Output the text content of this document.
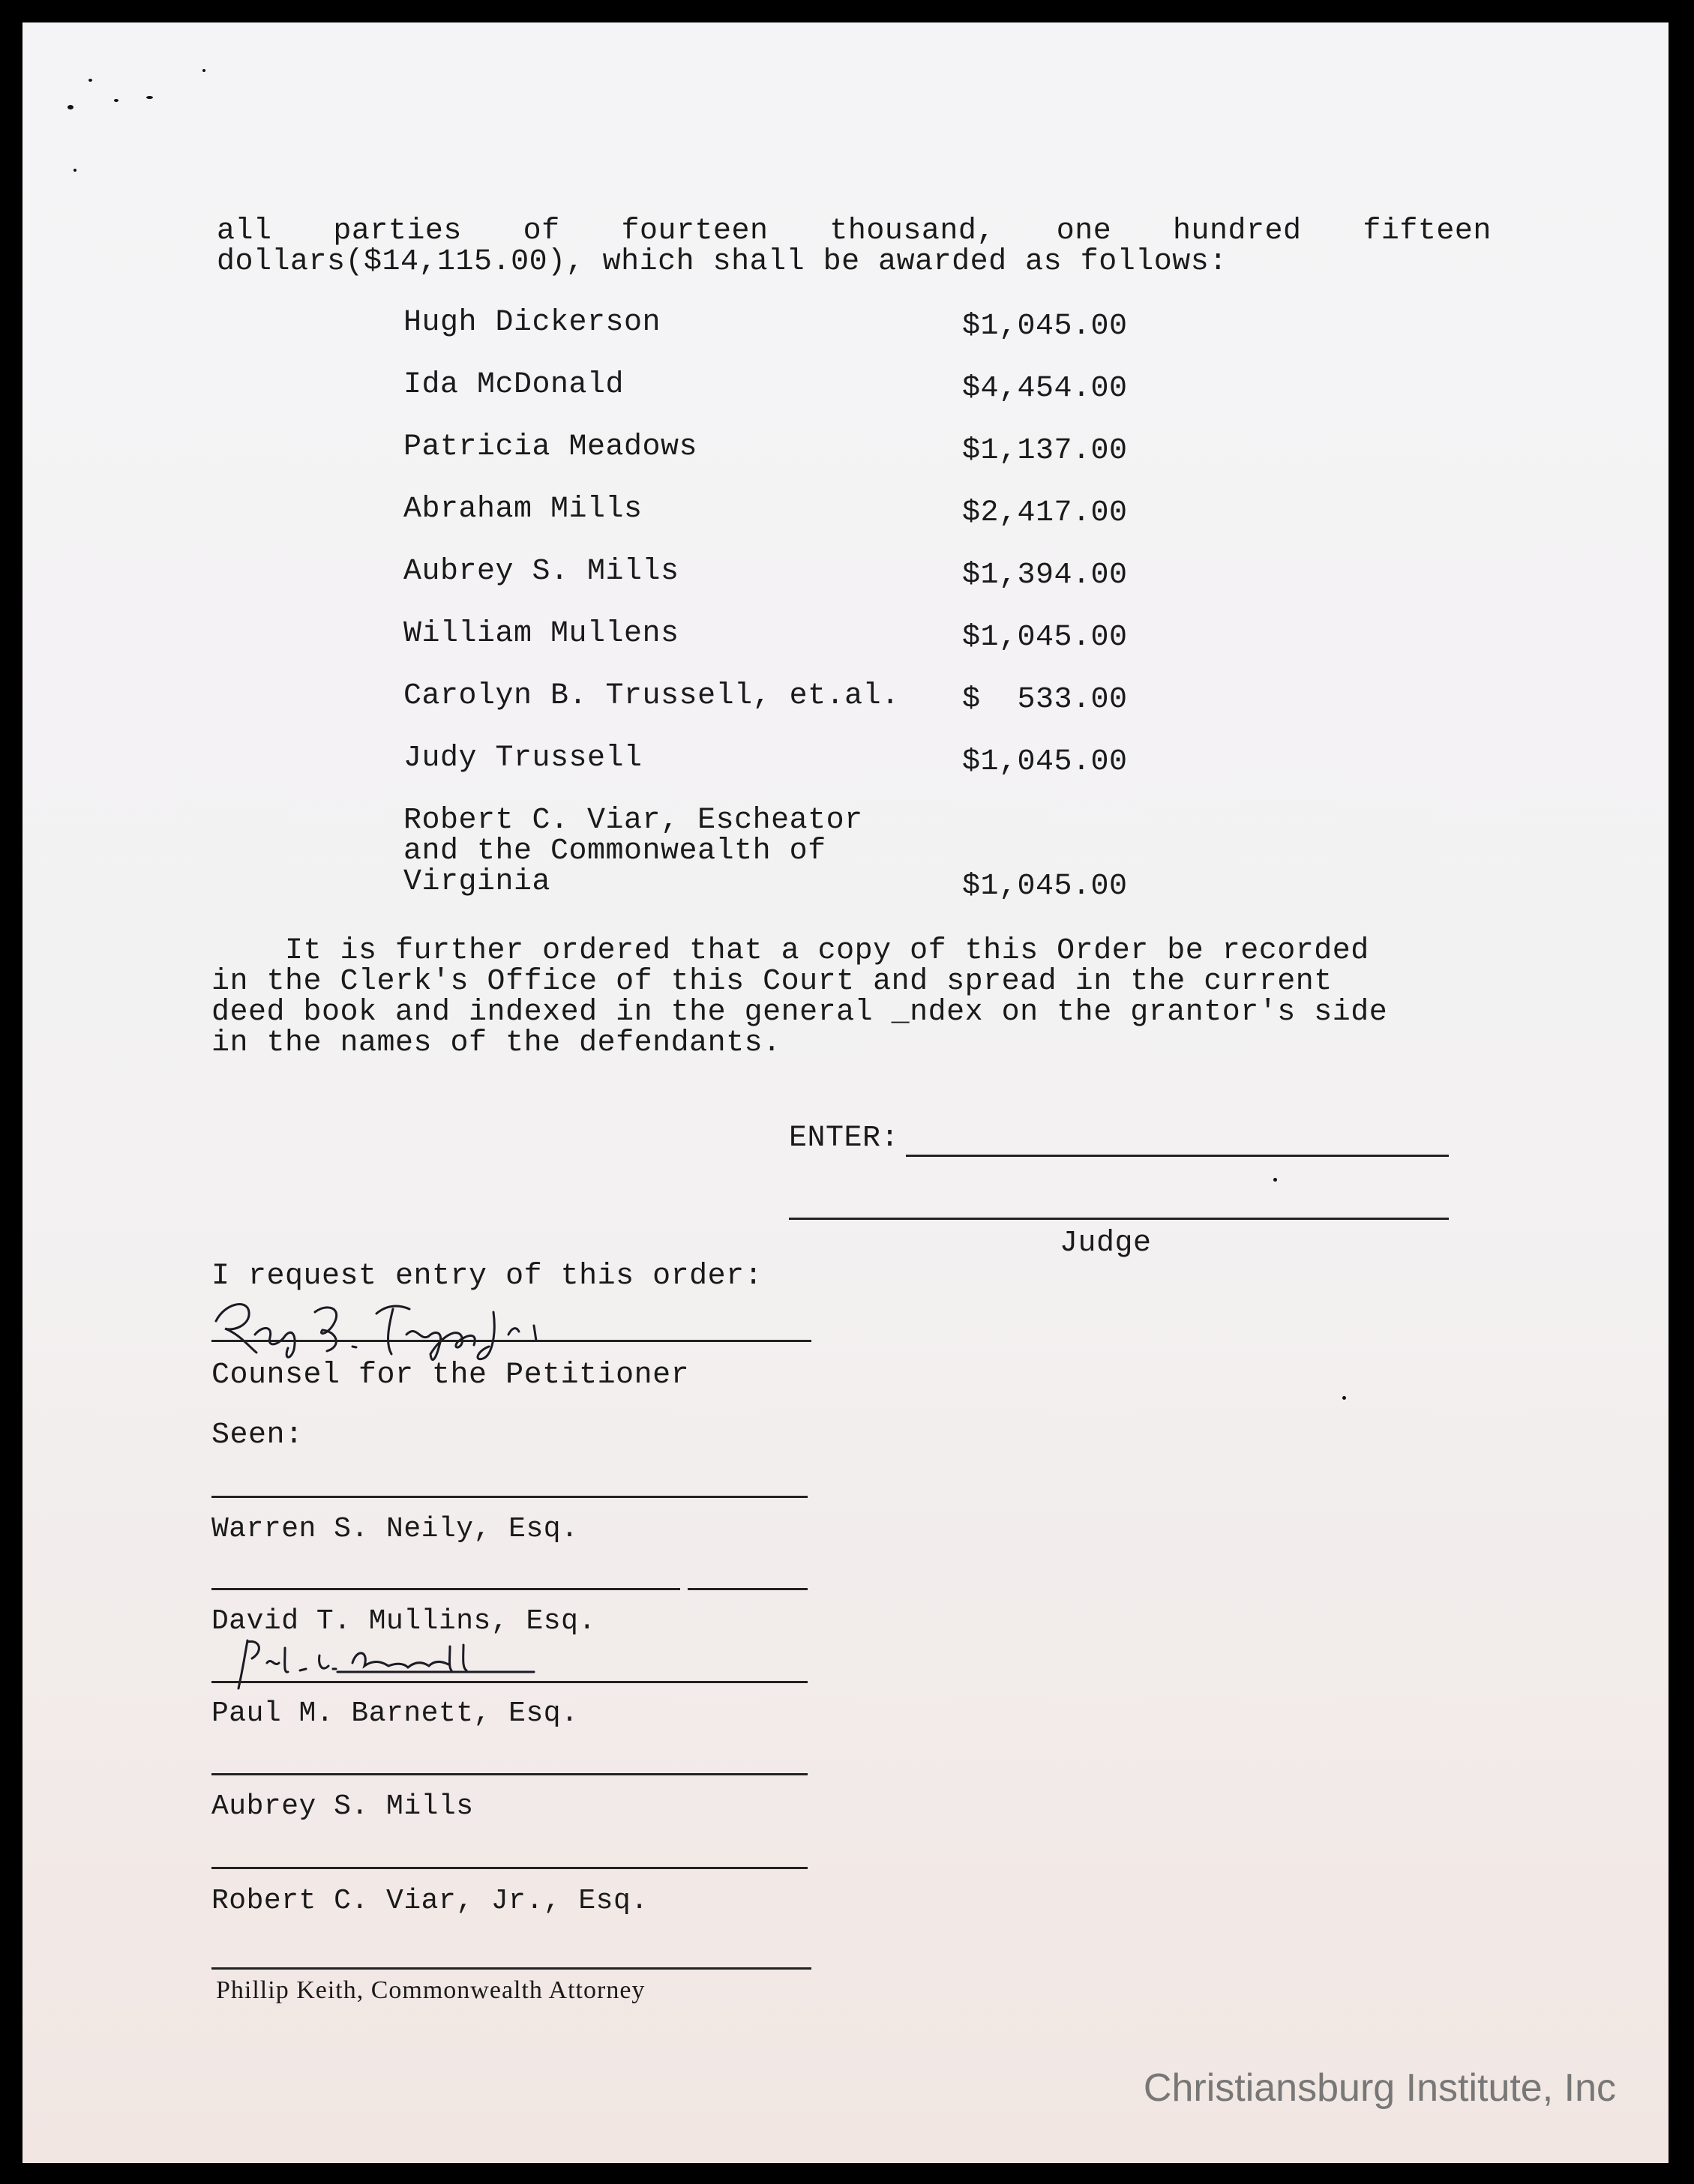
all parties of fourteen thousand, one hundred fifteen
dollars($14,115.00), which shall be awarded as follows:
Hugh Dickerson	$1,045.00
Ida McDonald	$4,454.00
Patricia Meadows	$1,137.00
Abraham Mills	$2,417.00
Aubrey S. Mills	$1,394.00
William Mullens	$1,045.00
Carolyn B. Trussell, et.al. $  533.00
Judy Trussell	$1,045.00
Robert C. Viar, Escheator
and the Commonwealth of
Virginia	$1,045.00
It is further ordered that a copy of this Order be recorded
in the Clerk's Office of this Court and spread in the current
deed book and indexed in the general _ndex on the grantor's side
in the names of the defendants.
ENTER:
Judge
I request entry of this order:
Counsel for the Petitioner
Seen:
Warren S. Neily, Esq.
David T. Mullins, Esq.
Paul M. Barnett, Esq.
Aubrey S. Mills
Robert C. Viar, Jr., Esq.
Phillip Keith, Commonwealth Attorney
Christiansburg Institute, Inc
